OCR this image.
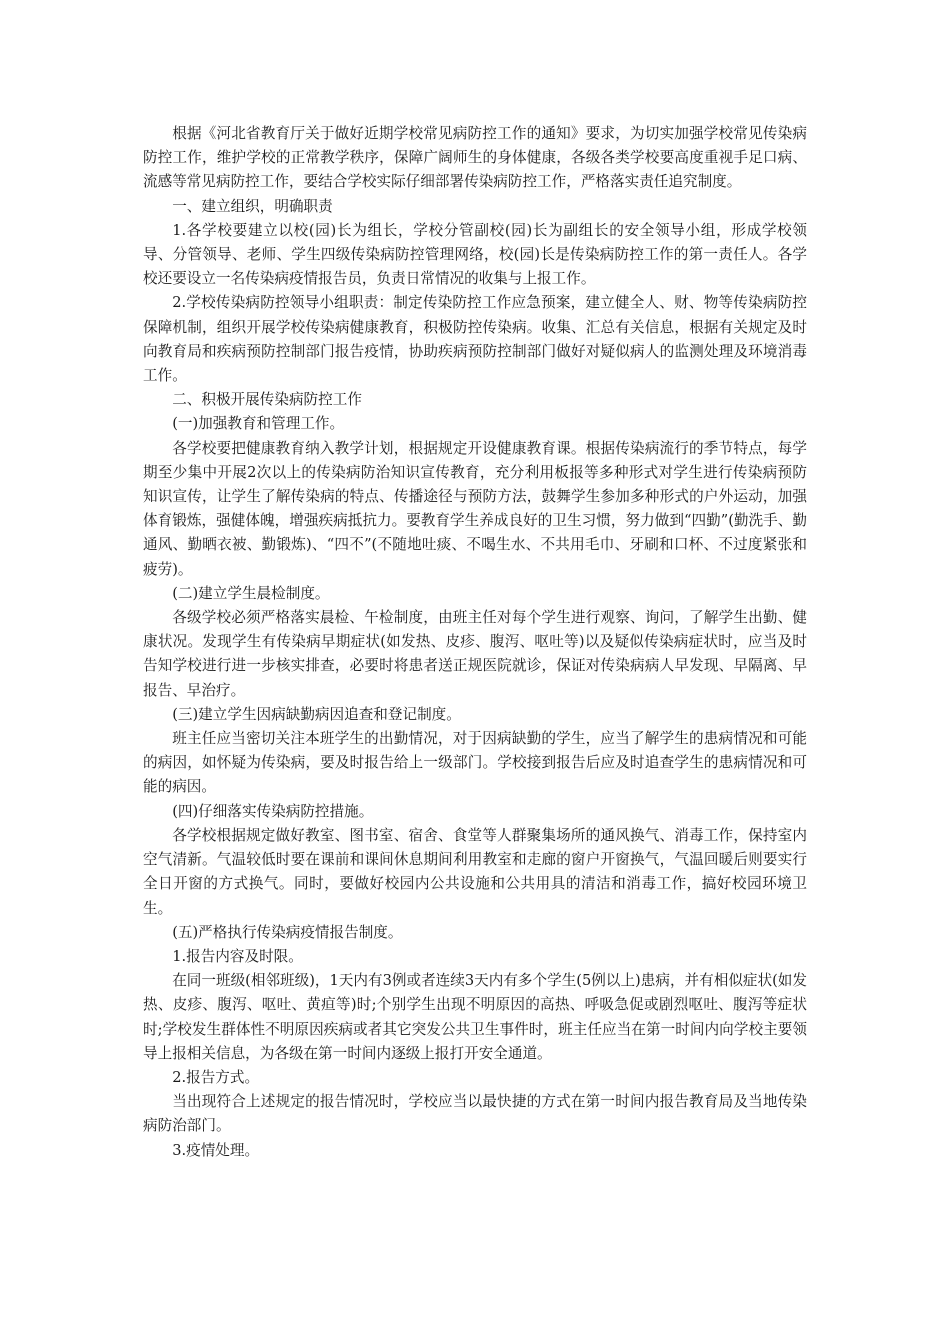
根据《河北省教育厅关于做好近期学校常见病防控工作的通知》要求，为切实加强学校常见传染病防控工作，维护学校的正常教学秩序，保障广阔师生的身体健康，各级各类学校要高度重视手足口病、流感等常见病防控工作，要结合学校实际仔细部署传染病防控工作，严格落实责任追究制度。

一、建立组织，明确职责

1.各学校要建立以校(园)长为组长，学校分管副校(园)长为副组长的安全领导小组，形成学校领导、分管领导、老师、学生四级传染病防控管理网络，校(园)长是传染病防控工作的第一责任人。各学校还要设立一名传染病疫情报告员，负责日常情况的收集与上报工作。

2.学校传染病防控领导小组职责：制定传染防控工作应急预案，建立健全人、财、物等传染病防控保障机制，组织开展学校传染病健康教育，积极防控传染病。收集、汇总有关信息，根据有关规定及时向教育局和疾病预防控制部门报告疫情，协助疾病预防控制部门做好对疑似病人的监测处理及环境消毒工作。

二、积极开展传染病防控工作

(一)加强教育和管理工作。

各学校要把健康教育纳入教学计划，根据规定开设健康教育课。根据传染病流行的季节特点，每学期至少集中开展2次以上的传染病防治知识宣传教育，充分利用板报等多种形式对学生进行传染病预防知识宣传，让学生了解传染病的特点、传播途径与预防方法，鼓舞学生参加多种形式的户外运动，加强体育锻炼，强健体魄，增强疾病抵抗力。要教育学生养成良好的卫生习惯，努力做到“四勤”(勤洗手、勤通风、勤晒衣被、勤锻炼)、“四不”(不随地吐痰、不喝生水、不共用毛巾、牙刷和口杯、不过度紧张和疲劳)。

(二)建立学生晨检制度。

各级学校必须严格落实晨检、午检制度，由班主任对每个学生进行观察、询问，了解学生出勤、健康状况。发现学生有传染病早期症状(如发热、皮疹、腹泻、呕吐等)以及疑似传染病症状时，应当及时告知学校进行进一步核实排查，必要时将患者送正规医院就诊，保证对传染病病人早发现、早隔离、早报告、早治疗。

(三)建立学生因病缺勤病因追查和登记制度。

班主任应当密切关注本班学生的出勤情况，对于因病缺勤的学生，应当了解学生的患病情况和可能的病因，如怀疑为传染病，要及时报告给上一级部门。学校接到报告后应及时追查学生的患病情况和可能的病因。

(四)仔细落实传染病防控措施。

各学校根据规定做好教室、图书室、宿舍、食堂等人群聚集场所的通风换气、消毒工作，保持室内空气清新。气温较低时要在课前和课间休息期间利用教室和走廊的窗户开窗换气，气温回暖后则要实行全日开窗的方式换气。同时，要做好校园内公共设施和公共用具的清洁和消毒工作，搞好校园环境卫生。

(五)严格执行传染病疫情报告制度。

1.报告内容及时限。

在同一班级(相邻班级)，1天内有3例或者连续3天内有多个学生(5例以上)患病，并有相似症状(如发热、皮疹、腹泻、呕吐、黄疸等)时;个别学生出现不明原因的高热、呼吸急促或剧烈呕吐、腹泻等症状时;学校发生群体性不明原因疾病或者其它突发公共卫生事件时，班主任应当在第一时间内向学校主要领导上报相关信息，为各级在第一时间内逐级上报打开安全通道。

2.报告方式。

当出现符合上述规定的报告情况时，学校应当以最快捷的方式在第一时间内报告教育局及当地传染病防治部门。

3.疫情处理。
